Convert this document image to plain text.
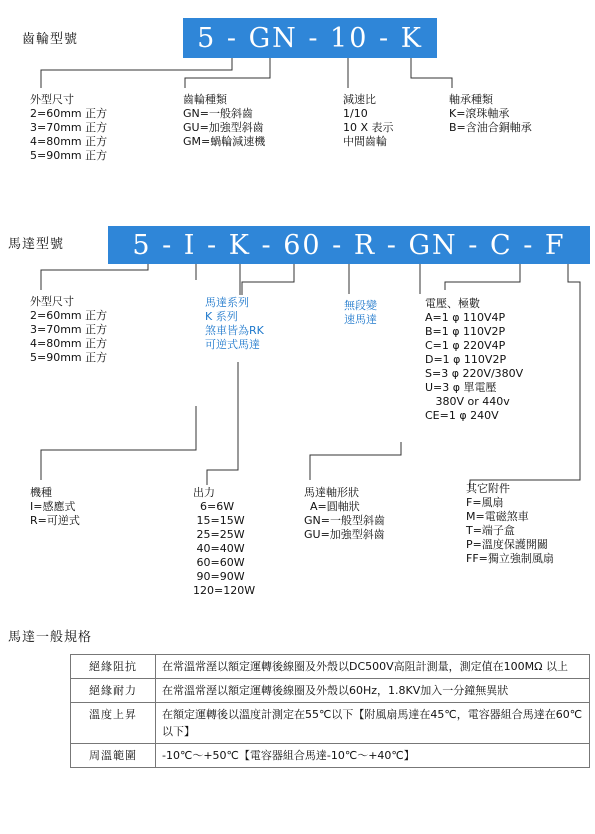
齒輪型號	5 - GN - 10 - K
外型尺寸
2=60mm 正方
3=70mm 正方
4=80mm 正方
5=90mm 正方
齒輪種類
GN=一般斜齒
GU=加強型斜齒
GM=蝸輪減速機
減速比
1/10
10 X 表示
中間齒輪
軸承種類
K=滾珠軸承
B=含油合銅軸承
馬達型號	5 - I - K - 60 - R - GN - C - F
外型尺寸
2=60mm 正方
3=70mm 正方
4=80mm 正方
5=90mm 正方
馬達系列
K 系列
煞車皆為RK
可逆式馬達
無段變
速馬達
電壓、極數
A=1 φ 110V4P
B=1 φ 110V2P
C=1 φ 220V4P
D=1 φ 110V2P
S=3 φ 220V/380V
U=3 φ 單電壓
380V or 440v
CE=1 φ 240V
機種
I=感應式
R=可逆式
出力
6=6W
15=15W
25=25W
40=40W
60=60W
90=90W
120=120W
馬達軸形狀
A=圓軸狀
GN=一般型斜齒
GU=加強型斜齒
其它附件
F=風扇
M=電磁煞車
T=端子盒
P=溫度保護開關
FF=獨立強制風扇
馬達一般規格
絕緣阻抗	在常溫常溼以額定運轉後線圈及外殼以DC500V高阻計測量，測定值在100MΩ 以上
絕緣耐力	在常溫常溼以額定運轉後線圈及外殼以60Hz，1.8KV加入一分鐘無異狀
溫度上昇	在額定運轉後以溫度計測定在55℃以下【附風扇馬達在45℃，電容器組合馬達在60℃以下】
周溫範圍	-10℃～+50℃【電容器組合馬達-10℃～+40℃】
